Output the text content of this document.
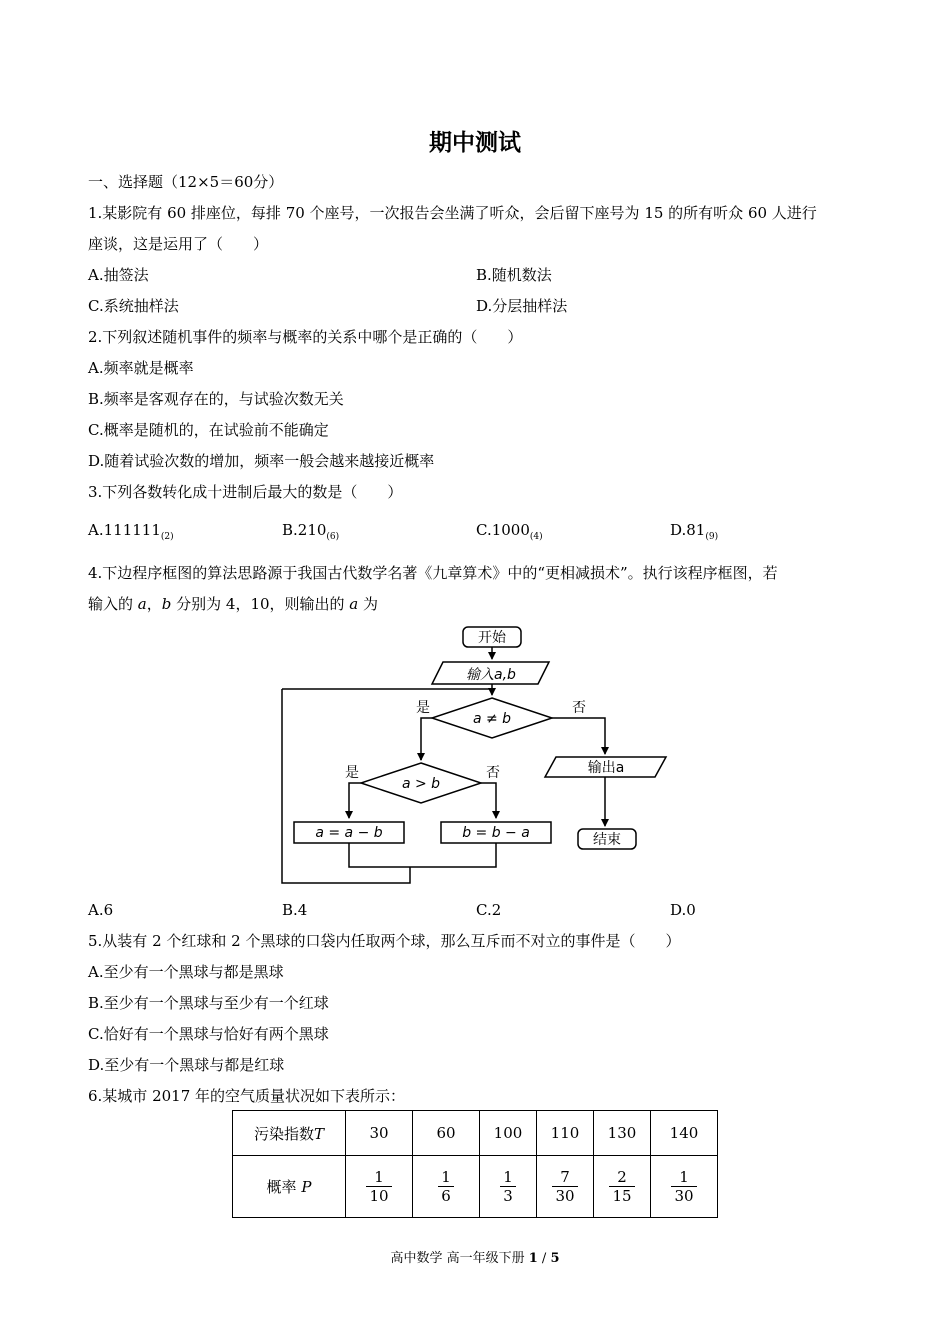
期中测试
一、选择题（12×5＝60分）
1.某影院有 60 排座位，每排 70 个座号，一次报告会坐满了听众，会后留下座号为 15 的所有听众 60 人进行
座谈，这是运用了（　　）
A.抽签法	B.随机数法
C.系统抽样法	D.分层抽样法
2.下列叙述随机事件的频率与概率的关系中哪个是正确的（　　）
A.频率就是概率
B.频率是客观存在的，与试验次数无关
C.概率是随机的，在试验前不能确定
D.随着试验次数的增加，频率一般会越来越接近概率
3.下列各数转化成十进制后最大的数是（　　）
$A.111111_{(2)}$	$B.210_{(6)}$	$C.1000_{(4)}$	$D.81_{(9)}$
4.下边程序框图的算法思路源于我国古代数学名著《九章算术》中的“更相减损术”。执行该程序框图，若
输入的 a，b 分别为 4，10，则输出的 a 为
开始
输入a,b
a ≠ b
是	否
a > b
是	否
a = a − b	b = b − a
输出a
结束
A.6	B.4	C.2	D.0
5.从装有 2 个红球和 2 个黑球的口袋内任取两个球，那么互斥而不对立的事件是（　　）
A.至少有一个黑球与都是黑球
B.至少有一个黑球与至少有一个红球
C.恰好有一个黑球与恰好有两个黑球
D.至少有一个黑球与都是红球
6.某城市 2017 年的空气质量状况如下表所示：
污染指数T	30	60	100	110	130	140
概率 P	$\frac{1}{10}$	$\frac{1}{6}$	$\frac{1}{3}$	$\frac{7}{30}$	$\frac{2}{15}$	$\frac{1}{30}$
高中数学 高一年级下册 1 / 5
